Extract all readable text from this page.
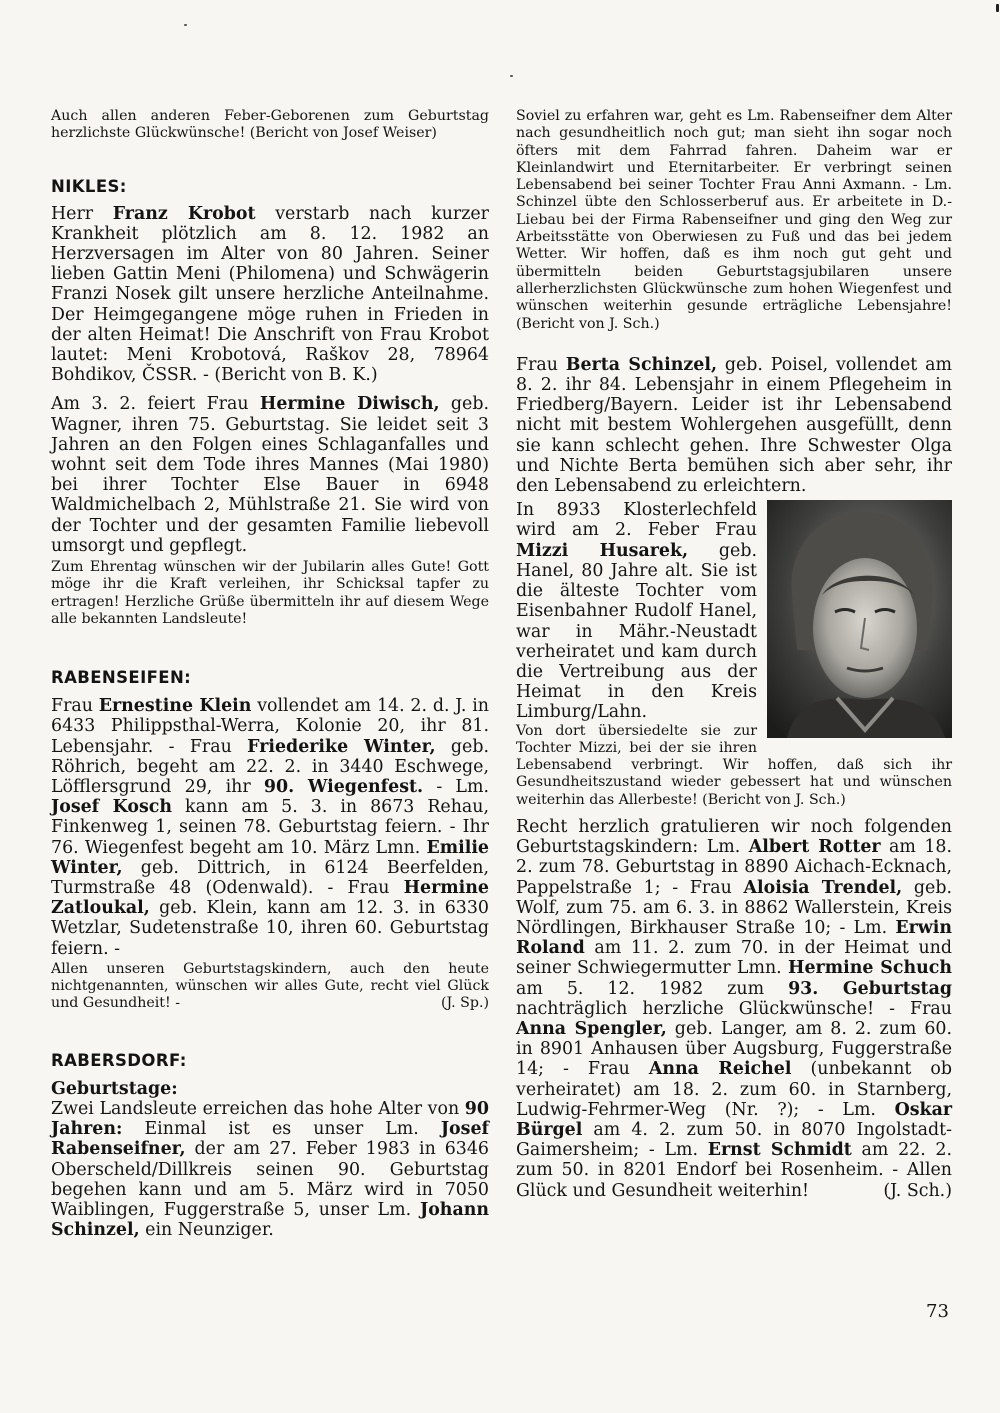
Auch allen anderen Feber-Geborenen zum Geburtstag herzlichste Glückwünsche! (Bericht von Josef Weiser)

NIKLES:

Herr Franz Krobot verstarb nach kurzer Krankheit plötzlich am 8. 12. 1982 an Herzversagen im Alter von 80 Jahren. Seiner lieben Gattin Meni (Philomena) und Schwägerin Franzi Nosek gilt unsere herzliche Anteilnahme. Der Heimgegangene möge ruhen in Frieden in der alten Heimat! Die Anschrift von Frau Krobot lautet: Meni Krobotová, Raškov 28, 78964 Bohdikov, ČSSR. - (Bericht von B. K.)

Am 3. 2. feiert Frau Hermine Diwisch, geb. Wagner, ihren 75. Geburtstag. Sie leidet seit 3 Jahren an den Folgen eines Schlaganfalles und wohnt seit dem Tode ihres Mannes (Mai 1980) bei ihrer Tochter Else Bauer in 6948 Waldmichelbach 2, Mühlstraße 21. Sie wird von der Tochter und der gesamten Familie liebevoll umsorgt und gepflegt.

Zum Ehrentag wünschen wir der Jubilarin alles Gute! Gott möge ihr die Kraft verleihen, ihr Schicksal tapfer zu ertragen! Herzliche Grüße übermitteln ihr auf diesem Wege alle bekannten Landsleute!

RABENSEIFEN:

Frau Ernestine Klein vollendet am 14. 2. d. J. in 6433 Philippsthal-Werra, Kolonie 20, ihr 81. Lebensjahr. - Frau Friederike Winter, geb. Röhrich, begeht am 22. 2. in 3440 Eschwege, Löfflersgrund 29, ihr 90. Wiegenfest. - Lm. Josef Kosch kann am 5. 3. in 8673 Rehau, Finkenweg 1, seinen 78. Geburtstag feiern. - Ihr 76. Wiegenfest begeht am 10. März Lmn. Emilie Winter, geb. Dittrich, in 6124 Beerfelden, Turmstraße 48 (Odenwald). - Frau Hermine Zatloukal, geb. Klein, kann am 12. 3. in 6330 Wetzlar, Sudetenstraße 10, ihren 60. Geburtstag feiern. -

Allen unseren Geburtstagskindern, auch den heute nichtgenannten, wünschen wir alles Gute, recht viel Glück und Gesundheit! -	(J. Sp.)

RABERSDORF:

Geburtstage:

Zwei Landsleute erreichen das hohe Alter von 90 Jahren: Einmal ist es unser Lm. Josef Rabenseifner, der am 27. Feber 1983 in 6346 Oberscheld/Dillkreis seinen 90. Geburtstag begehen kann und am 5. März wird in 7050 Waiblingen, Fuggerstraße 5, unser Lm. Johann Schinzel, ein Neunziger.

Soviel zu erfahren war, geht es Lm. Rabenseifner dem Alter nach gesundheitlich noch gut; man sieht ihn sogar noch öfters mit dem Fahrrad fahren. Daheim war er Kleinlandwirt und Eternitarbeiter. Er verbringt seinen Lebensabend bei seiner Tochter Frau Anni Axmann. - Lm. Schinzel übte den Schlosserberuf aus. Er arbeitete in D.-Liebau bei der Firma Rabenseifner und ging den Weg zur Arbeitsstätte von Oberwiesen zu Fuß und das bei jedem Wetter. Wir hoffen, daß es ihm noch gut geht und übermitteln beiden Geburtstagsjubilaren unsere allerherzlichsten Glückwünsche zum hohen Wiegenfest und wünschen weiterhin gesunde erträgliche Lebensjahre! (Bericht von J. Sch.)

Frau Berta Schinzel, geb. Poisel, vollendet am 8. 2. ihr 84. Lebensjahr in einem Pflegeheim in Friedberg/Bayern. Leider ist ihr Lebensabend nicht mit bestem Wohlergehen ausgefüllt, denn sie kann schlecht gehen. Ihre Schwester Olga und Nichte Berta bemühen sich aber sehr, ihr den Lebensabend zu erleichtern.

In 8933 Klosterlechfeld wird am 2. Feber Frau Mizzi Husarek, geb. Hanel, 80 Jahre alt. Sie ist die älteste Tochter vom Eisenbahner Rudolf Hanel, war in Mähr.-Neustadt verheiratet und kam durch die Vertreibung aus der Heimat in den Kreis Limburg/Lahn.

Von dort übersiedelte sie zur Tochter Mizzi, bei der sie ihren Lebensabend verbringt. Wir hoffen, daß sich ihr Gesundheitszustand wieder gebessert hat und wünschen weiterhin das Allerbeste! (Bericht von J. Sch.)

Recht herzlich gratulieren wir noch folgenden Geburtstagskindern: Lm. Albert Rotter am 18. 2. zum 78. Geburtstag in 8890 Aichach-Ecknach, Pappelstraße 1; - Frau Aloisia Trendel, geb. Wolf, zum 75. am 6. 3. in 8862 Wallerstein, Kreis Nördlingen, Birkhauser Straße 10; - Lm. Erwin Roland am 11. 2. zum 70. in der Heimat und seiner Schwiegermutter Lmn. Hermine Schuch am 5. 12. 1982 zum 93. Geburtstag nachträglich herzliche Glückwünsche! - Frau Anna Spengler, geb. Langer, am 8. 2. zum 60. in 8901 Anhausen über Augsburg, Fuggerstraße 14; - Frau Anna Reichel (unbekannt ob verheiratet) am 18. 2. zum 60. in Starnberg, Ludwig-Fehrmer-Weg (Nr. ?); - Lm. Oskar Bürgel am 4. 2. zum 50. in 8070 Ingolstadt-Gaimersheim; - Lm. Ernst Schmidt am 22. 2. zum 50. in 8201 Endorf bei Rosenheim. - Allen Glück und Gesundheit weiterhin!	(J. Sch.)

73
